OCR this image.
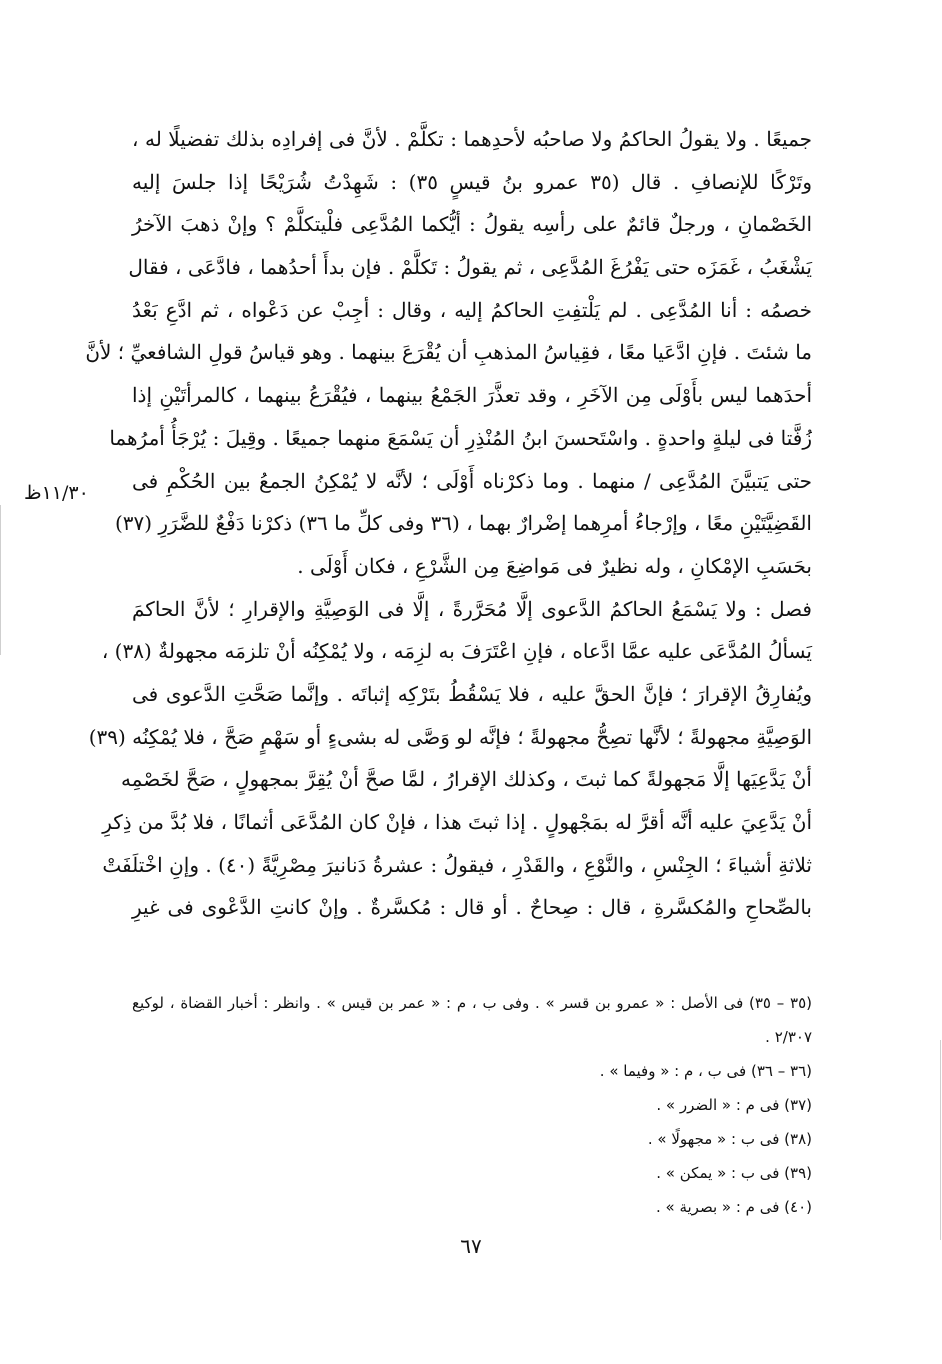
١١/٣٠ظ
جميعًا . ولا يقولُ الحاكمُ ولا صاحبُه لأحدِهما : تكلَّمْ . لأنَّ فى إفرادِه بذلك تفضيلًا له ،
وتَرْكًا للإنصافِ . قال (٣٥ عمرو بنُ قيسٍ ٣٥) : شَهِدْتُ شُرَيْحًا إذا جلسَ إليه
الخَصْمانِ ، ورجلٌ قائمٌ على رأسِه يقولُ : أيُّكما المُدَّعِى فلْيتكلَّمْ ؟ وإنْ ذهبَ الآخرُ
يَشْغَبُ ، غَمَزَه حتى يَفْرُغَ المُدَّعِى ، ثم يقولُ : تَكلَّمْ . فإن بدأَ أحدُهما ، فادَّعَى ، فقال
خصمُه : أنا المُدَّعِى . لم يَلْتفِتِ الحاكمُ إليه ، وقال : أجِبْ عن دَعْواه ، ثم ادَّعِ بَعْدُ
ما شئتَ . فإنِ ادَّعَيا معًا ، فقِياسُ المذهبِ أن يُقْرَعَ بينهما . وهو قياسُ قولِ الشافعيِّ ؛ لأنَّ
أحدَهما ليس بأَوْلَى مِن الآخَرِ ، وقد تعذَّرَ الجَمْعُ بينهما ، فيُقْرَعُ بينهما ، كالمرأتَيْنِ إذا
زُفَّتا فى ليلةٍ واحدةٍ . واسْتَحسنَ ابنُ المُنْذِرِ أن يَسْمَعَ منهما جميعًا . وقِيلَ : يُرْجَأُ أمرُهما
حتى يَتبيَّنَ المُدَّعِى / منهما . وما ذكرْناه أَوْلَى ؛ لأنَّه لا يُمْكِنُ الجمعُ بين الحُكْمِ فى
القَضِيَّتَيْنِ معًا ، وإرْجاءُ أمرِهما إضْرارٌ بهما ، (٣٦ وفى كلِّ ما ٣٦) ذكرْنا دَفْعٌ للضَّرَرِ (٣٧)
بحَسَبِ الإمْكانِ ، وله نظيرٌ فى مَواضِعَ مِن الشَّرْعِ ، فكان أَوْلَى .
فصل : ولا يَسْمَعُ الحاكمُ الدَّعوى إلَّا مُحَرَّرةً ، إلَّا فى الوَصِيَّةِ والإقرارِ ؛ لأنَّ الحاكمَ
يَسألُ المُدَّعَى عليه عمَّا ادَّعاه ، فإنِ اعْتَرَفَ به لزِمَه ، ولا يُمْكِنُه أنْ تلزمَه مجهولةٌ (٣٨) ،
ويُفارِقُ الإقرارَ ؛ فإنَّ الحقَّ عليه ، فلا يَسْقُطُ بتَرْكِه إثباتَه . وإنَّما صَحَّتِ الدَّعوى فى
الوَصِيَّةِ مجهولةً ؛ لأنَّها تصِحُّ مجهولةً ؛ فإنَّه لو وَصَّى له بشىءٍ أو سَهْمٍ صَحَّ ، فلا يُمْكِنُه (٣٩)
أنْ يَدَّعِيَها إلَّا مَجهولةً كما ثبتَ ، وكذلك الإقرارُ ، لمَّا صحَّ أنْ يُقِرَّ بمجهولٍ ، صَحَّ لخَصْمِه
أنْ يَدَّعِيَ عليه أنَّه أقرَّ له بمَجْهولٍ . إذا ثبتَ هذا ، فإنْ كان المُدَّعَى أثمانًا ، فلا بُدَّ من ذِكرِ
ثلاثةِ أشياءَ ؛ الجِنْسِ ، والنَّوْعِ ، والقَدْرِ ، فيقولُ : عشرةُ دَنانيرَ مِصْرِيَّةً (٤٠) . وإنِ اخْتلَفَتْ
بالصِّحاحِ والمُكسَّرةِ ، قال : صِحاحٌ . أو قال : مُكسَّرةٌ . وإنْ كانتِ الدَّعْوى فى غيرِ
(٣٥ – ٣٥) فى الأصل : « عمرو بن قسر » . وفى ب ، م : « عمر بن قيس » . وانظر : أخبار القضاة ، لوكيع
٢/٣٠٧ .
(٣٦ – ٣٦) فى ب ، م : « وفيما » .
(٣٧) فى م : « الضرر » .
(٣٨) فى ب : « مجهولًا » .
(٣٩) فى ب : « يمكن » .
(٤٠) فى م : « بصرية » .
٦٧
